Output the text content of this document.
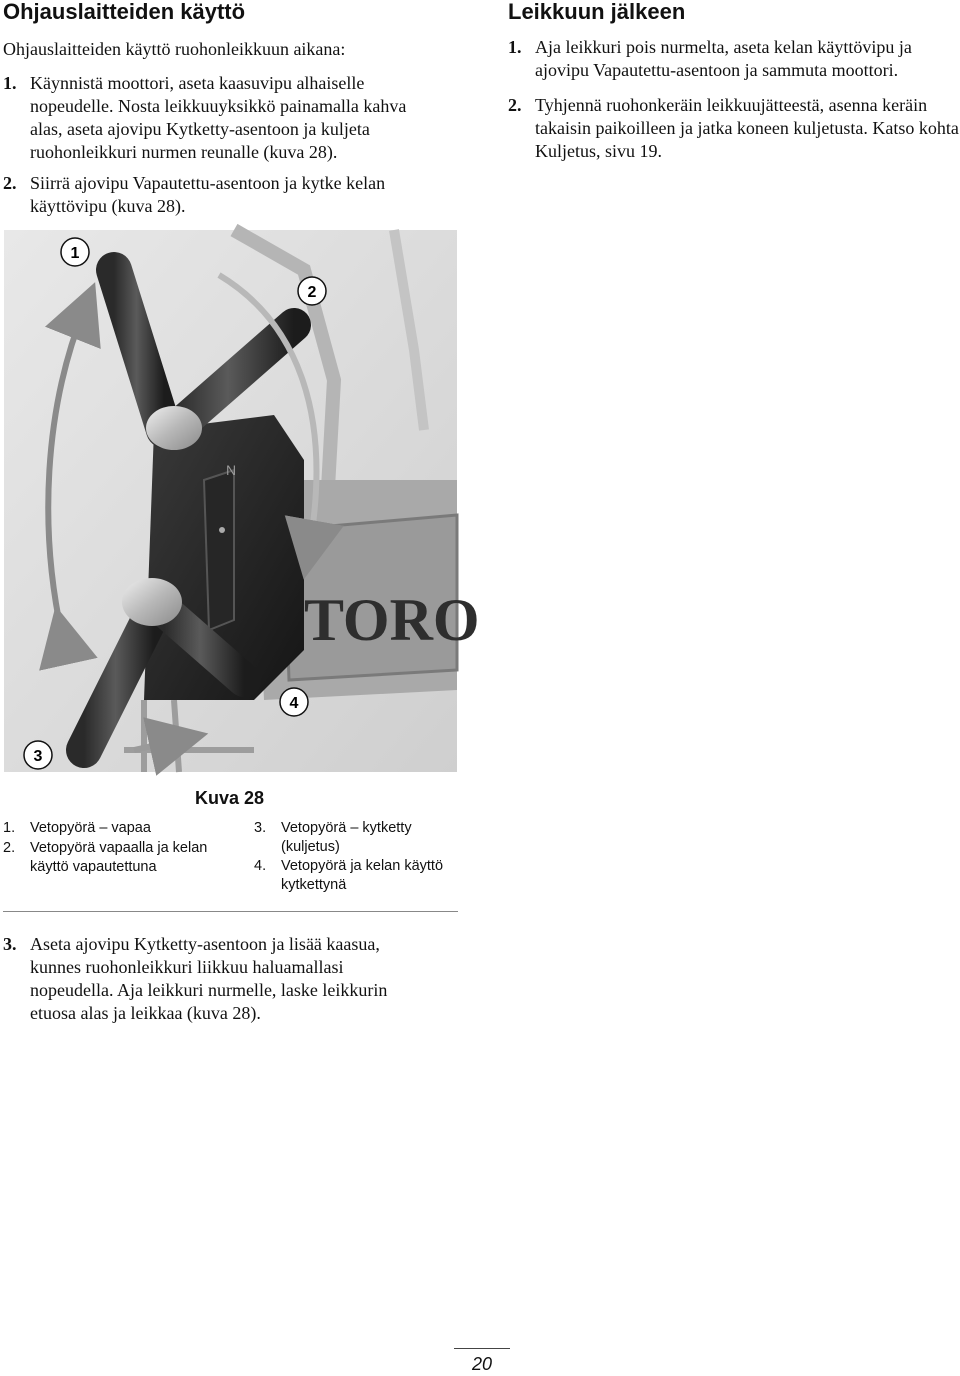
Ohjauslaitteiden käyttö
Ohjauslaitteiden käyttö ruohonleikkuun aikana:
1. Käynnistä moottori, aseta kaasuvipu alhaiselle nopeudelle. Nosta leikkuuyksikkö painamalla kahva alas, aseta ajovipu Kytketty-asentoon ja kuljeta ruohonleikkuri nurmen reunalle (kuva 28).
2. Siirrä ajovipu Vapautettu-asentoon ja kytke kelan käyttövipu (kuva 28).
Leikkuun jälkeen
1. Aja leikkuri pois nurmelta, aseta kelan käyttövipu ja ajovipu Vapautettu-asentoon ja sammuta moottori.
2. Tyhjennä ruohonkeräin leikkuujätteestä, asenna keräin takaisin paikoilleen ja jatka koneen kuljetusta. Katso kohta Kuljetus, sivu 19.
TORO
N
1
2
3
4
Kuva 28
1.	Vetopyörä – vapaa
2.	Vetopyörä vapaalla ja kelan käyttö vapautettuna
3.	Vetopyörä – kytketty (kuljetus)
4.	Vetopyörä ja kelan käyttö kytkettynä
3. Aseta ajovipu Kytketty-asentoon ja lisää kaasua, kunnes ruohonleikkuri liikkuu haluamallasi nopeudella. Aja leikkuri nurmelle, laske leikkurin etuosa alas ja leikkaa (kuva 28).
20
